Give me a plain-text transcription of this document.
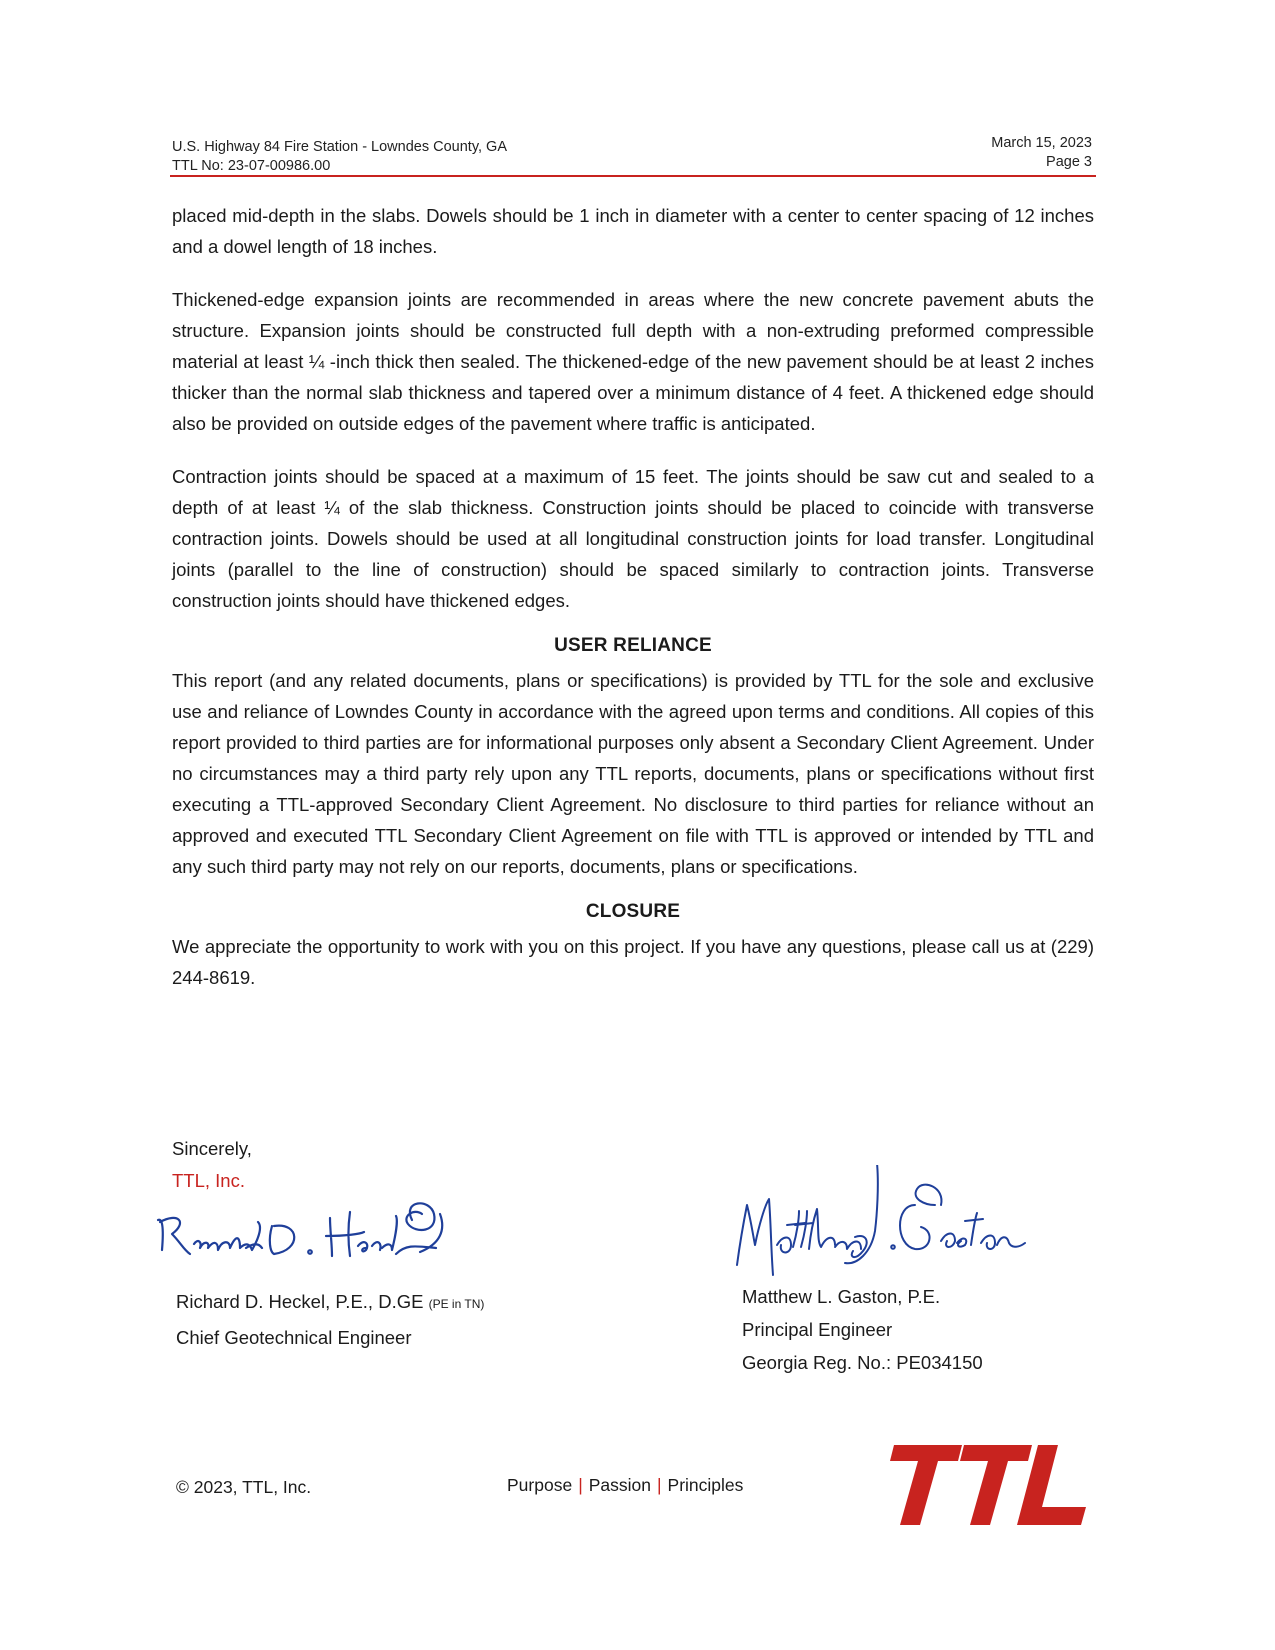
U.S. Highway 84 Fire Station - Lowndes County, GA
TTL No: 23-07-00986.00
March 15, 2023
Page 3

placed mid-depth in the slabs. Dowels should be 1 inch in diameter with a center to center spacing of 12 inches and a dowel length of 18 inches.

Thickened-edge expansion joints are recommended in areas where the new concrete pavement abuts the structure. Expansion joints should be constructed full depth with a non-extruding preformed compressible material at least ¼ -inch thick then sealed. The thickened-edge of the new pavement should be at least 2 inches thicker than the normal slab thickness and tapered over a minimum distance of 4 feet. A thickened edge should also be provided on outside edges of the pavement where traffic is anticipated.

Contraction joints should be spaced at a maximum of 15 feet. The joints should be saw cut and sealed to a depth of at least ¼ of the slab thickness. Construction joints should be placed to coincide with transverse contraction joints. Dowels should be used at all longitudinal construction joints for load transfer. Longitudinal joints (parallel to the line of construction) should be spaced similarly to contraction joints. Transverse construction joints should have thickened edges.

USER RELIANCE

This report (and any related documents, plans or specifications) is provided by TTL for the sole and exclusive use and reliance of Lowndes County in accordance with the agreed upon terms and conditions. All copies of this report provided to third parties are for informational purposes only absent a Secondary Client Agreement. Under no circumstances may a third party rely upon any TTL reports, documents, plans or specifications without first executing a TTL-approved Secondary Client Agreement. No disclosure to third parties for reliance without an approved and executed TTL Secondary Client Agreement on file with TTL is approved or intended by TTL and any such third party may not rely on our reports, documents, plans or specifications.

CLOSURE

We appreciate the opportunity to work with you on this project. If you have any questions, please call us at (229) 244-8619.

Sincerely,
TTL, Inc.
Richard D. Heckel, P.E., D.GE (PE in TN)
Chief Geotechnical Engineer
Matthew L. Gaston, P.E.
Principal Engineer
Georgia Reg. No.: PE034150
© 2023, TTL, Inc.	Purpose | Passion | Principles
